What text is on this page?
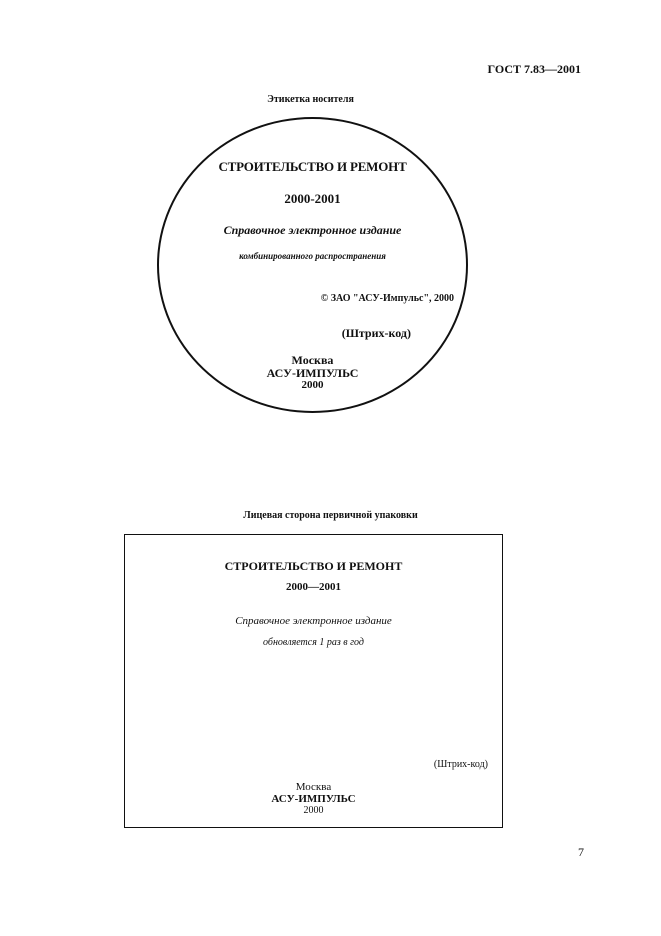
ГОСТ 7.83—2001
Этикетка носителя
СТРОИТЕЛЬСТВО И РЕМОНТ
2000-2001
Справочное электронное издание
комбинированного распространения
© ЗАО "АСУ-Импульс", 2000
(Штрих-код)
Москва
АСУ-ИМПУЛЬС
2000
Лицевая сторона первичной упаковки
СТРОИТЕЛЬСТВО И РЕМОНТ
2000—2001
Справочное электронное издание
обновляется 1 раз в год
(Штрих-код)
Москва
АСУ-ИМПУЛЬС
2000
7
